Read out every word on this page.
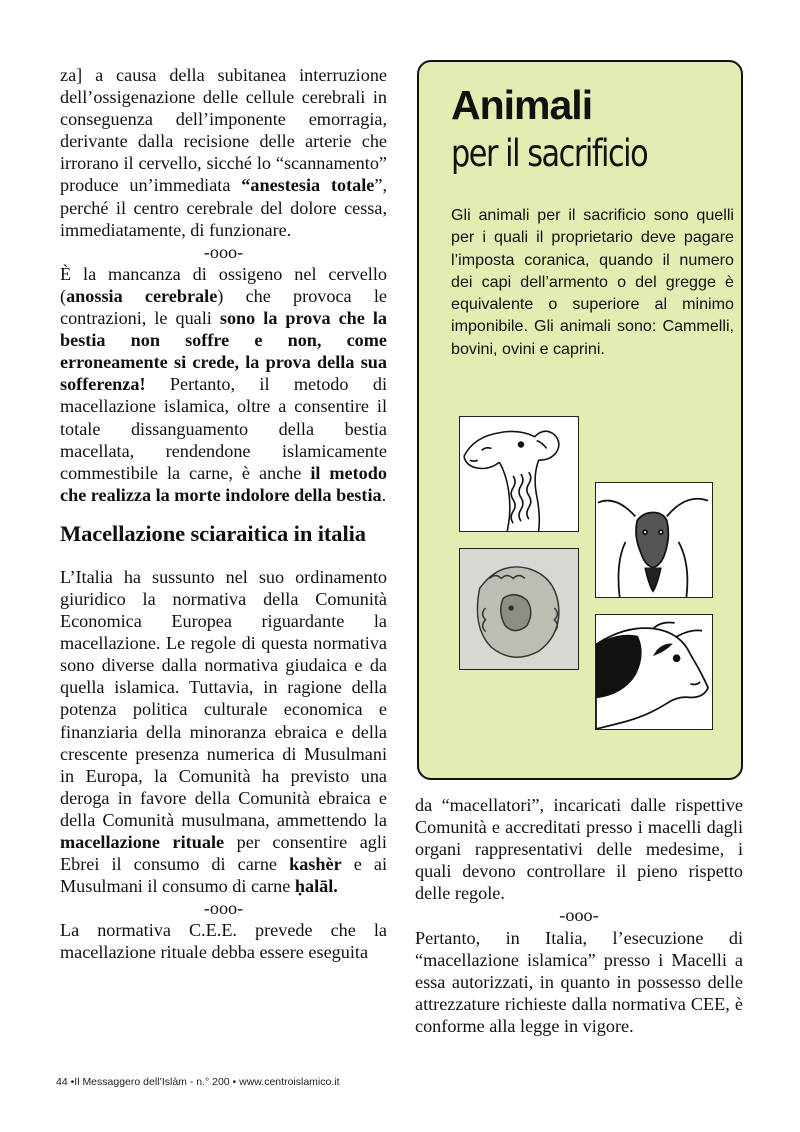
za] a causa della subitanea interruzione dell’ossigenazione delle cellule cerebrali in conseguenza dell’imponente emorragia, derivante dalla recisione delle arterie che irrorano il cervello, sicché lo “scannamento” produce un’immediata “anestesia totale”, perché il centro cerebrale del dolore cessa, immediatamente, di funzionare.

-ooo-

È la mancanza di ossigeno nel cervello (anossia cerebrale) che provoca le contrazioni, le quali sono la prova che la bestia non soffre e non, come erroneamente si crede, la prova della sua sofferenza! Pertanto, il metodo di macellazione islamica, oltre a consentire il totale dissanguamento della bestia macellata, rendendone islamicamente commestibile la carne, è anche il metodo che realizza la morte indolore della bestia.

Macellazione sciaraitica in italia

L’Italia ha sussunto nel suo ordinamento giuridico la normativa della Comunità Economica Europea riguardante la macellazione. Le regole di questa normativa sono diverse dalla normativa giudaica e da quella islamica. Tuttavia, in ragione della potenza politica culturale economica e finanziaria della minoranza ebraica e della crescente presenza numerica di Musulmani in Europa, la Comunità ha previsto una deroga in favore della Comunità ebraica e della Comunità musulmana, ammettendo la macellazione rituale per consentire agli Ebrei il consumo di carne kashèr e ai Musulmani il consumo di carne ḥalāl.

-ooo-

La normativa C.E.E. prevede che la macellazione rituale debba essere eseguita

Animali
per il sacrificio

Gli animali per il sacrificio sono quelli per i quali il proprietario deve pagare l’imposta coranica, quando il numero dei capi dell’armento o del gregge è equivalente o superiore al minimo imponibile. Gli animali sono: Cammelli, bovini, ovini e caprini.

da “macellatori”, incaricati dalle rispettive Comunità e accreditati presso i macelli dagli organi rappresentativi delle medesime, i quali devono controllare il pieno rispetto delle regole.

-ooo-

Pertanto, in Italia, l’esecuzione di “macellazione islamica” presso i Macelli a essa autorizzati, in quanto in possesso delle attrezzature richieste dalla normativa CEE, è conforme alla legge in vigore.

44 •Il Messaggero dell’Islàm - n.° 200 • www.centroislamico.it
